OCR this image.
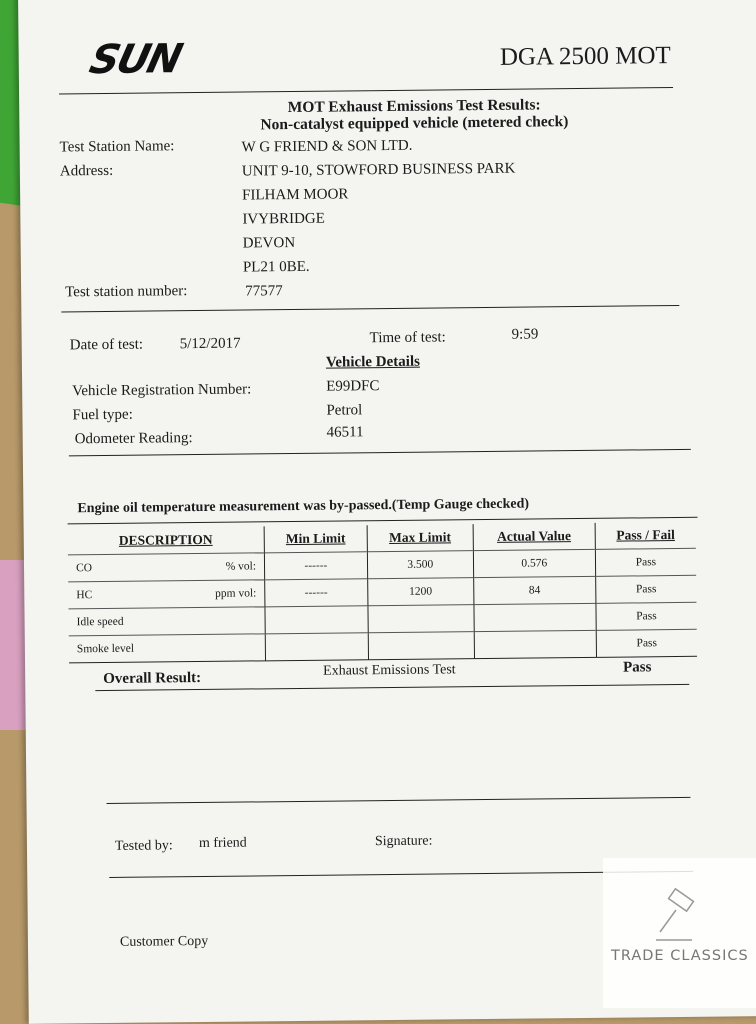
SUN	DGA 2500 MOT
MOT Exhaust Emissions Test Results:
Non-catalyst equipped vehicle (metered check)
Test Station Name:	W G FRIEND & SON LTD.
Address:	UNIT 9-10, STOWFORD BUSINESS PARK
FILHAM MOOR
IVYBRIDGE
DEVON
PL21 0BE.
Test station number:	77577
Date of test: 5/12/2017	Time of test:	9:59
Vehicle Details
Vehicle Registration Number:	E99DFC
Fuel type:	Petrol
Odometer Reading:	46511
Engine oil temperature measurement was by-passed.(Temp Gauge checked)
DESCRIPTION	Min Limit	Max Limit	Actual Value	Pass / Fail
CO % vol:	------	3.500	0.576	Pass
HC ppm vol:	------	1200	84	Pass
Idle speed				Pass
Smoke level				Pass
Overall Result:	Exhaust Emissions Test	Pass
Tested by: m friend	Signature:
Customer Copy
TRADE CLASSICS
